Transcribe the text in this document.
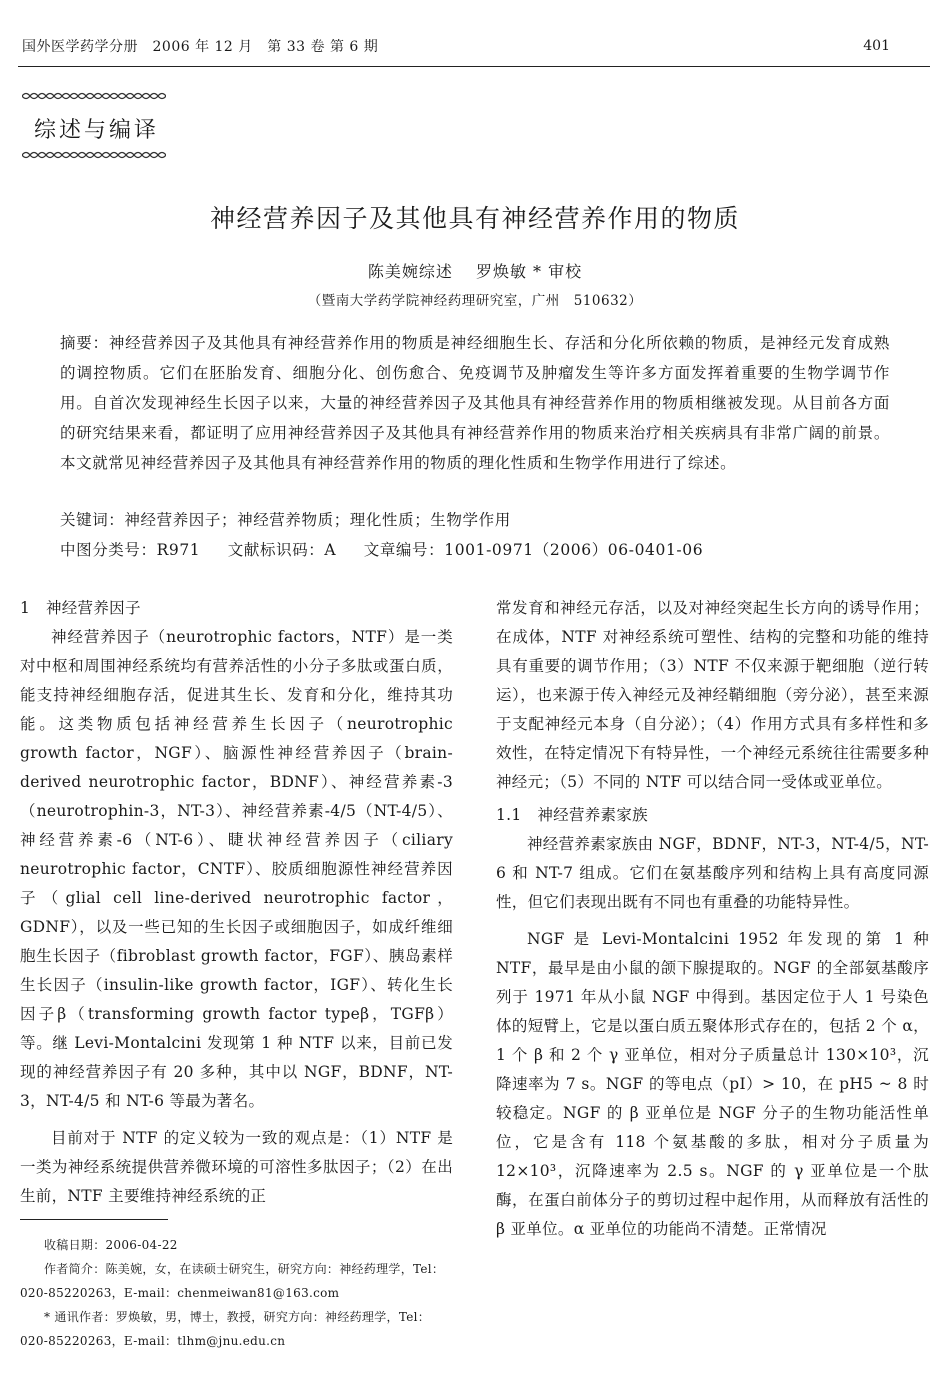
国外医学药学分册　2006 年 12 月　第 33 卷 第 6 期	401
综述与编译
神经营养因子及其他具有神经营养作用的物质
陈美婉综述　 罗焕敏 * 审校
（暨南大学药学院神经药理研究室，广州　510632）

摘要：神经营养因子及其他具有神经营养作用的物质是神经细胞生长、存活和分化所依赖的物质，是神经元发育成熟的调控物质。它们在胚胎发育、细胞分化、创伤愈合、免疫调节及肿瘤发生等许多方面发挥着重要的生物学调节作用。自首次发现神经生长因子以来，大量的神经营养因子及其他具有神经营养作用的物质相继被发现。从目前各方面的研究结果来看，都证明了应用神经营养因子及其他具有神经营养作用的物质来治疗相关疾病具有非常广阔的前景。本文就常见神经营养因子及其他具有神经营养作用的物质的理化性质和生物学作用进行了综述。

关键词：神经营养因子；神经营养物质；理化性质；生物学作用
中图分类号：R971 文献标识码：A 文章编号：1001-0971（2006）06-0401-06

1　神经营养因子

神经营养因子（neurotrophic factors，NTF）是一类对中枢和周围神经系统均有营养活性的小分子多肽或蛋白质，能支持神经细胞存活，促进其生长、发育和分化，维持其功能。这类物质包括神经营养生长因子（neurotrophic growth factor，NGF）、脑源性神经营养因子（brain-derived neurotrophic factor，BDNF）、神经营养素-3（neurotrophin-3，NT-3）、神经营养素-4/5（NT-4/5）、神经营养素-6（NT-6）、睫状神经营养因子（ciliary neurotrophic factor，CNTF）、胶质细胞源性神经营养因子（glial cell line-derived neurotrophic factor，GDNF），以及一些已知的生长因子或细胞因子，如成纤维细胞生长因子（fibroblast growth factor，FGF）、胰岛素样生长因子（insulin-like growth factor，IGF）、转化生长因子β（transforming growth factor typeβ，TGFβ）等。继 Levi-Montalcini 发现第 1 种 NTF 以来，目前已发现的神经营养因子有 20 多种，其中以 NGF，BDNF，NT-3，NT-4/5 和 NT-6 等最为著名。

目前对于 NTF 的定义较为一致的观点是：（1）NTF 是一类为神经系统提供营养微环境的可溶性多肽因子；（2）在出生前，NTF 主要维持神经系统的正

收稿日期：2006-04-22

作者简介：陈美婉，女，在读硕士研究生，研究方向：神经药理学，Tel：020-85220263，E-mail：chenmeiwan81@163.com

* 通讯作者：罗焕敏，男，博士，教授，研究方向：神经药理学，Tel：020-85220263，E-mail：tlhm@jnu.edu.cn

常发育和神经元存活，以及对神经突起生长方向的诱导作用；在成体，NTF 对神经系统可塑性、结构的完整和功能的维持具有重要的调节作用；（3）NTF 不仅来源于靶细胞（逆行转运），也来源于传入神经元及神经鞘细胞（旁分泌），甚至来源于支配神经元本身（自分泌）；（4）作用方式具有多样性和多效性，在特定情况下有特异性，一个神经元系统往往需要多种神经元；（5）不同的 NTF 可以结合同一受体或亚单位。

1.1　神经营养素家族

神经营养素家族由 NGF，BDNF，NT-3，NT-4/5，NT-6 和 NT-7 组成。它们在氨基酸序列和结构上具有高度同源性，但它们表现出既有不同也有重叠的功能特异性。

NGF 是 Levi-Montalcini 1952 年发现的第 1 种 NTF，最早是由小鼠的颌下腺提取的。NGF 的全部氨基酸序列于 1971 年从小鼠 NGF 中得到。基因定位于人 1 号染色体的短臂上，它是以蛋白质五聚体形式存在的，包括 2 个 α，1 个 β 和 2 个 γ 亚单位，相对分子质量总计 130×10³，沉降速率为 7 s。NGF 的等电点（pI）> 10，在 pH5 ~ 8 时较稳定。NGF 的 β 亚单位是 NGF 分子的生物功能活性单位，它是含有 118 个氨基酸的多肽，相对分子质量为 12×10³，沉降速率为 2.5 s。NGF 的 γ 亚单位是一个肽酶，在蛋白前体分子的剪切过程中起作用，从而释放有活性的 β 亚单位。α 亚单位的功能尚不清楚。正常情况
